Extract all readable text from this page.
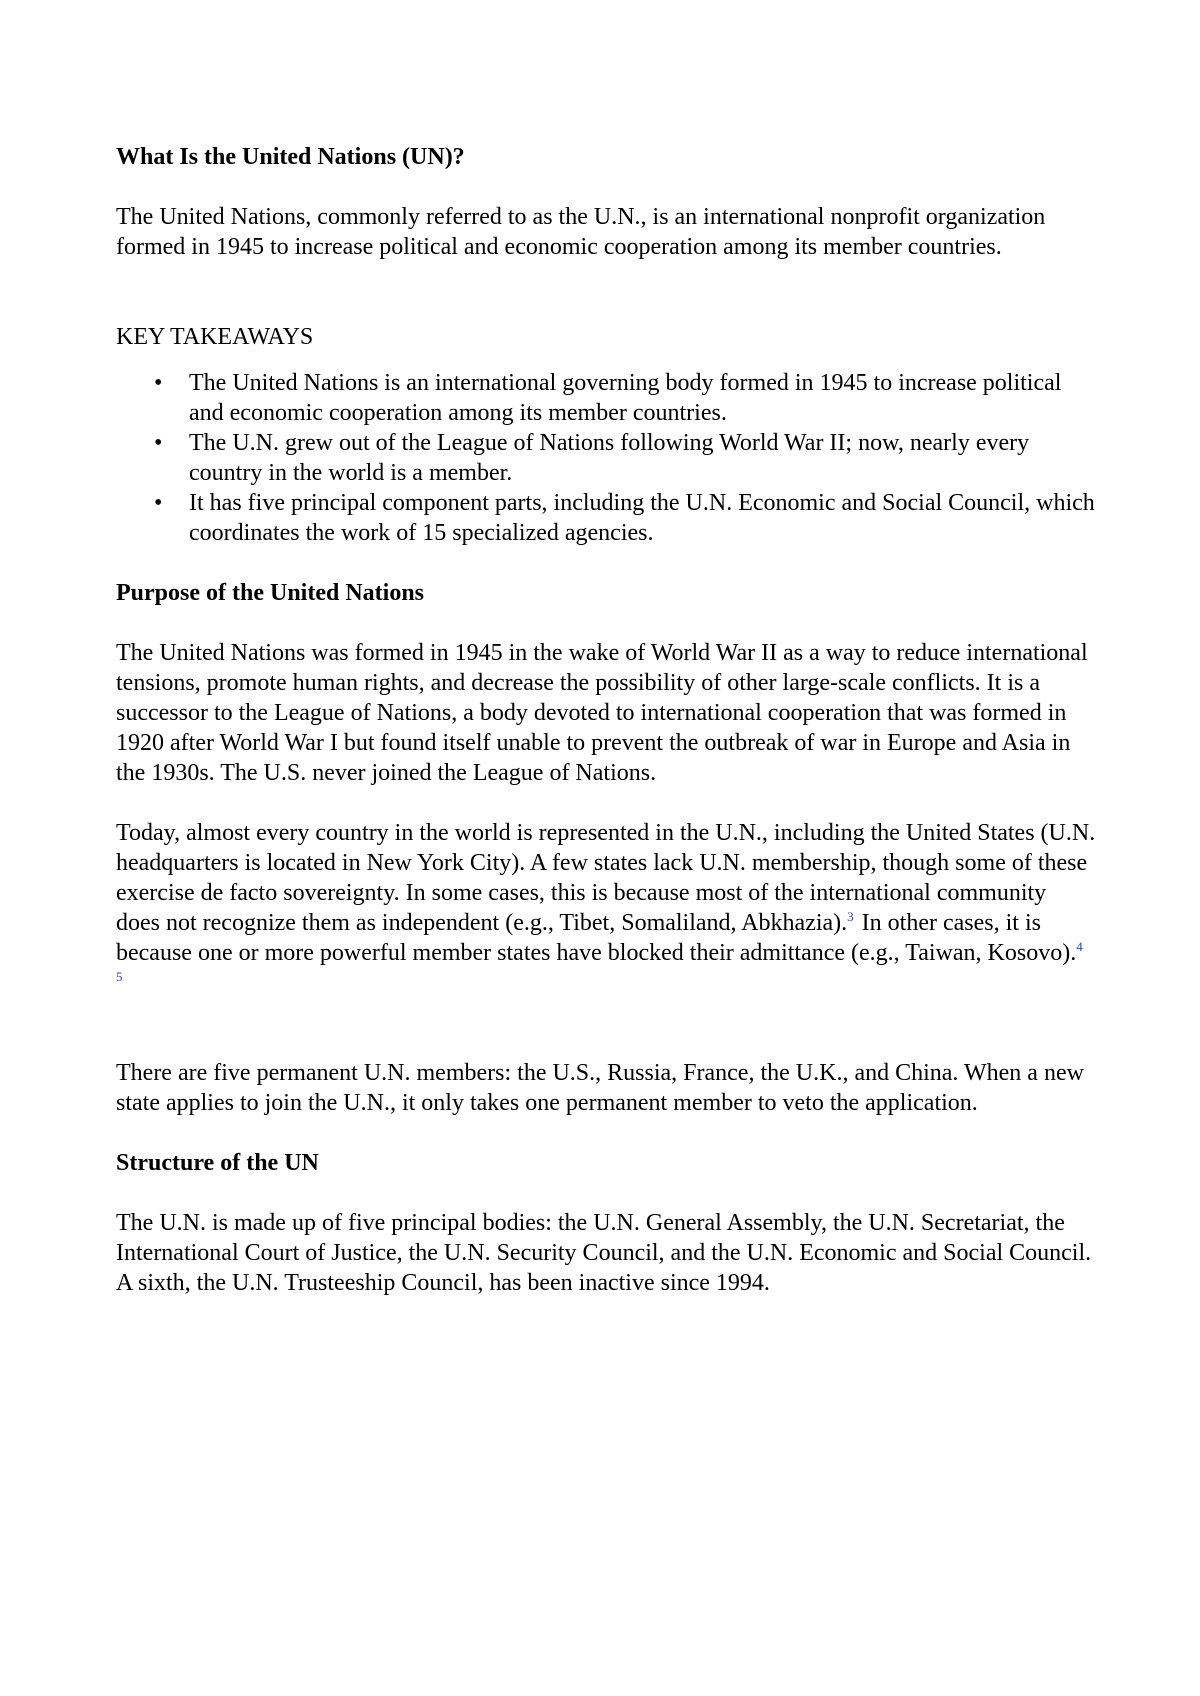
What Is the United Nations (UN)?

The United Nations, commonly referred to as the U.N., is an international nonprofit organization formed in 1945 to increase political and economic cooperation among its member countries.

KEY TAKEAWAYS

• The United Nations is an international governing body formed in 1945 to increase political and economic cooperation among its member countries.
• The U.N. grew out of the League of Nations following World War II; now, nearly every country in the world is a member.
• It has five principal component parts, including the U.N. Economic and Social Council, which coordinates the work of 15 specialized agencies.
Purpose of the United Nations

The United Nations was formed in 1945 in the wake of World War II as a way to reduce international tensions, promote human rights, and decrease the possibility of other large-scale conflicts. It is a successor to the League of Nations, a body devoted to international cooperation that was formed in 1920 after World War I but found itself unable to prevent the outbreak of war in Europe and Asia in the 1930s. The U.S. never joined the League of Nations.

Today, almost every country in the world is represented in the U.N., including the United States (U.N. headquarters is located in New York City). A few states lack U.N. membership, though some of these exercise de facto sovereignty. In some cases, this is because most of the international community does not recognize them as independent (e.g., Tibet, Somaliland, Abkhazia).$^3$ In other cases, it is because one or more powerful member states have blocked their admittance (e.g., Taiwan, Kosovo).$^{4 5}$

There are five permanent U.N. members: the U.S., Russia, France, the U.K., and China. When a new state applies to join the U.N., it only takes one permanent member to veto the application.

Structure of the UN

The U.N. is made up of five principal bodies: the U.N. General Assembly, the U.N. Secretariat, the International Court of Justice, the U.N. Security Council, and the U.N. Economic and Social Council. A sixth, the U.N. Trusteeship Council, has been inactive since 1994.
